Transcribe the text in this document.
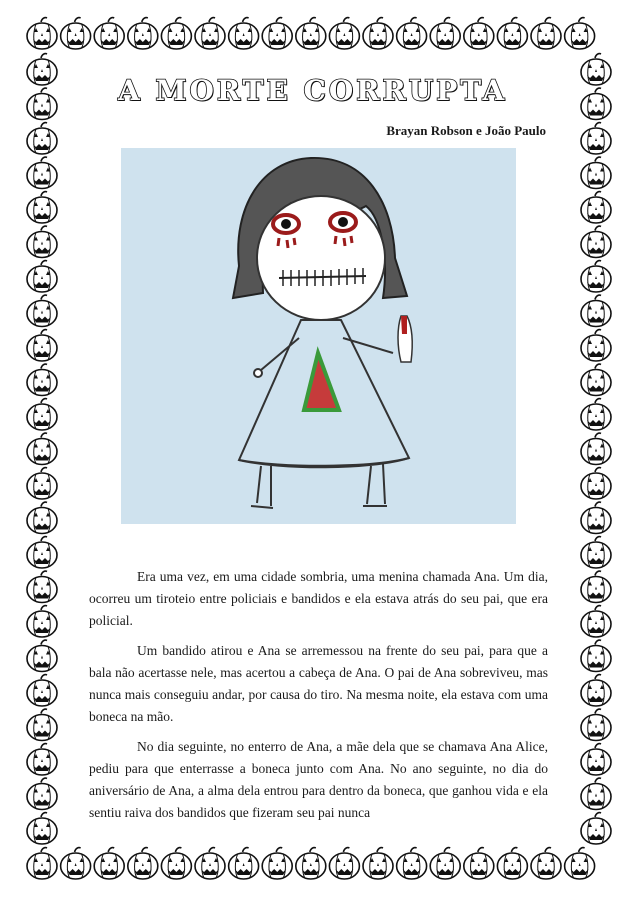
A MORTE CORRUPTA

Brayan Robson e João Paulo

Era uma vez, em uma cidade sombria, uma menina chamada Ana. Um dia, ocorreu um tiroteio entre policiais e bandidos e ela estava atrás do seu pai, que era policial.

Um bandido atirou e Ana se arremessou na frente do seu pai, para que a bala não acertasse nele, mas acertou a cabeça de Ana. O pai de Ana sobreviveu, mas nunca mais conseguiu andar, por causa do tiro. Na mesma noite, ela estava com uma boneca na mão.

No dia seguinte, no enterro de Ana, a mãe dela que se chamava Ana Alice, pediu para que enterrasse a boneca junto com Ana. No ano seguinte, no dia do aniversário de Ana, a alma dela entrou para dentro da boneca, que ganhou vida e ela sentiu raiva dos bandidos que fizeram seu pai nunca
